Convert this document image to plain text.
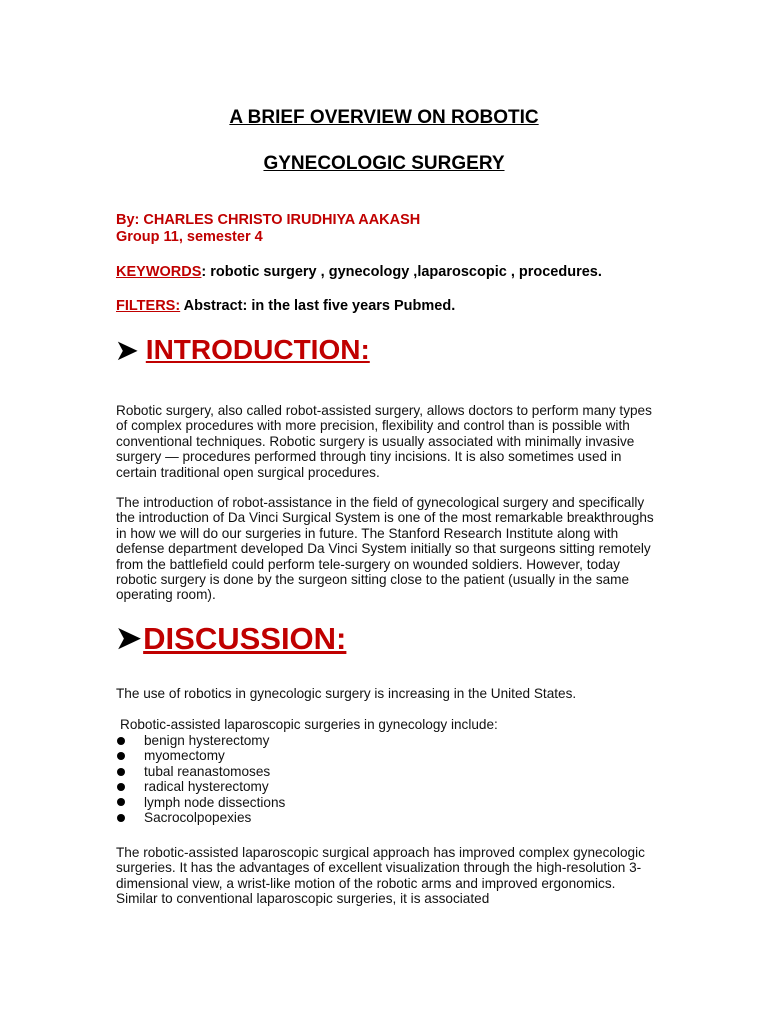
A BRIEF OVERVIEW ON ROBOTIC
GYNECOLOGIC SURGERY
By: CHARLES CHRISTO IRUDHIYA AAKASH
Group 11, semester 4
KEYWORDS: robotic surgery , gynecology ,laparoscopic , procedures.
FILTERS: Abstract: in the last five years Pubmed.
➤ INTRODUCTION:
Robotic surgery, also called robot-assisted surgery, allows doctors to perform many types of complex procedures with more precision, flexibility and control than is possible with conventional techniques. Robotic surgery is usually associated with minimally invasive surgery — procedures performed through tiny incisions. It is also sometimes used in certain traditional open surgical procedures.
The introduction of robot-assistance in the field of gynecological surgery and specifically the introduction of Da Vinci Surgical System is one of the most remarkable breakthroughs in how we will do our surgeries in future. The Stanford Research Institute along with defense department developed Da Vinci System initially so that surgeons sitting remotely from the battlefield could perform tele-surgery on wounded soldiers. However, today robotic surgery is done by the surgeon sitting close to the patient (usually in the same operating room).
➤ DISCUSSION:
The use of robotics in gynecologic surgery is increasing in the United States.
Robotic-assisted laparoscopic surgeries in gynecology include:
benign hysterectomy
myomectomy
tubal reanastomoses
radical hysterectomy
lymph node dissections
Sacrocolpopexies
The robotic-assisted laparoscopic surgical approach has improved complex gynecologic surgeries. It has the advantages of excellent visualization through the high-resolution 3-dimensional view, a wrist-like motion of the robotic arms and improved ergonomics. Similar to conventional laparoscopic surgeries, it is associated
